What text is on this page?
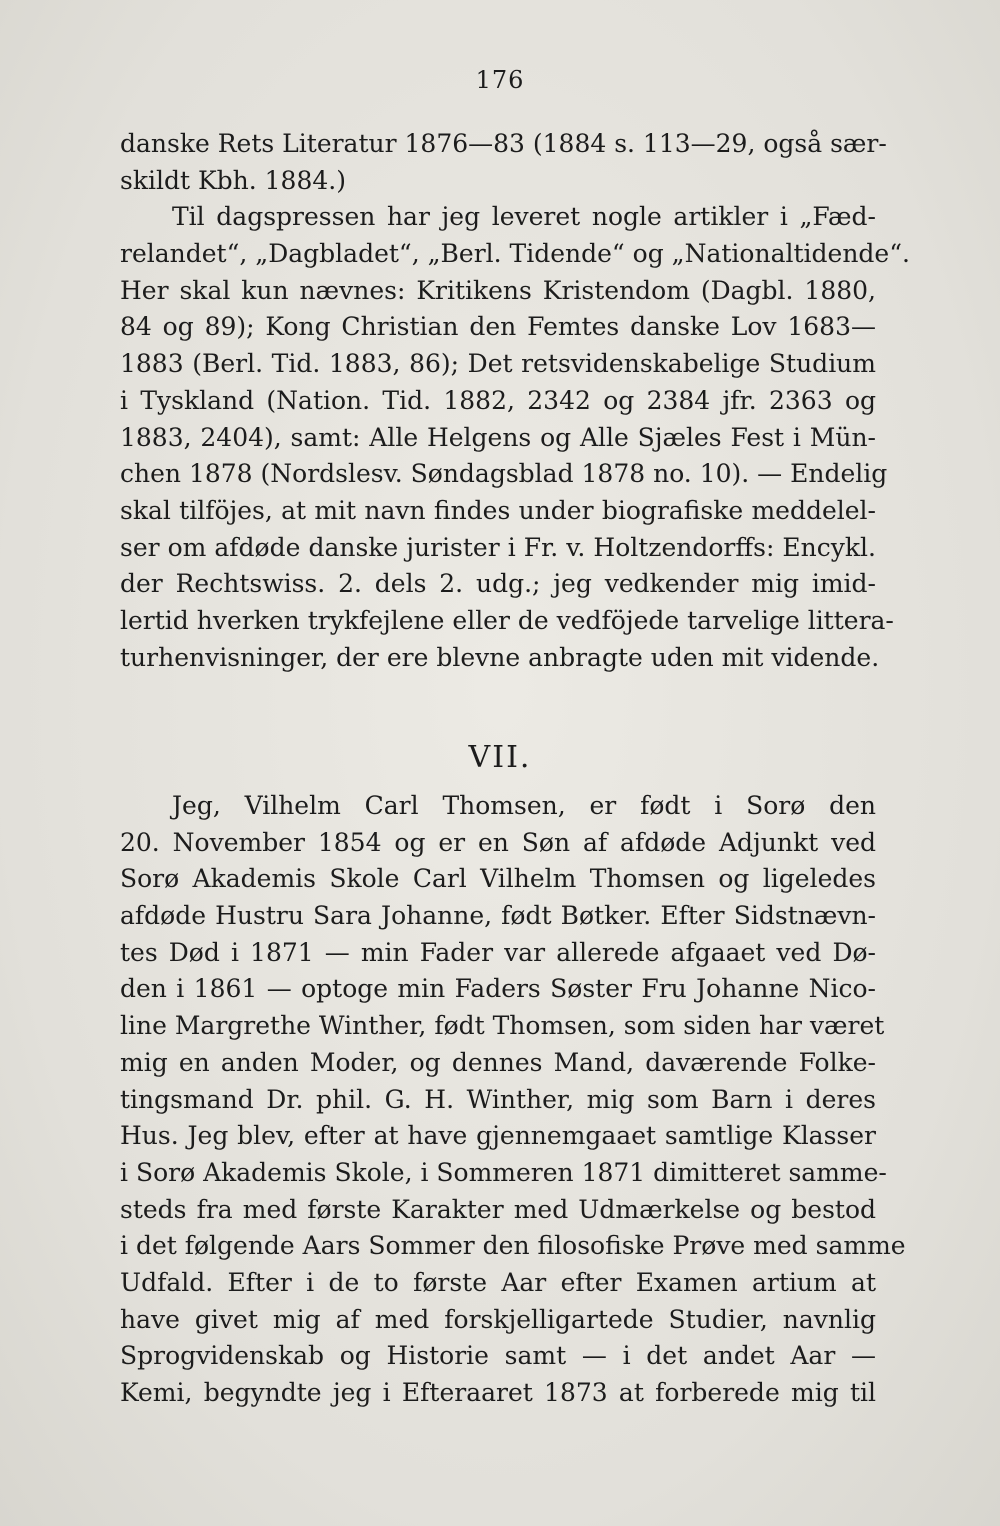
176
danske Rets Literatur 1876—83 (1884 s. 113—29, også sær-
skildt Kbh. 1884.)
Til dagspressen har jeg leveret nogle artikler i „Fæd-
relandet“, „Dagbladet“, „Berl. Tidende“ og „Nationaltidende“.
Her skal kun nævnes: Kritikens Kristendom (Dagbl. 1880,
84 og 89); Kong Christian den Femtes danske Lov 1683—
1883 (Berl. Tid. 1883, 86); Det retsvidenskabelige Studium
i Tyskland (Nation. Tid. 1882, 2342 og 2384 jfr. 2363 og
1883, 2404), samt: Alle Helgens og Alle Sjæles Fest i Mün-
chen 1878 (Nordslesv. Søndagsblad 1878 no. 10). — Endelig
skal tilföjes, at mit navn findes under biografiske meddelel-
ser om afdøde danske jurister i Fr. v. Holtzendorffs: Encykl.
der Rechtswiss. 2. dels 2. udg.; jeg vedkender mig imid-
lertid hverken trykfejlene eller de vedföjede tarvelige littera-
turhenvisninger, der ere blevne anbragte uden mit vidende.
VII.
Jeg, Vilhelm Carl Thomsen, er født i Sorø den
20. November 1854 og er en Søn af afdøde Adjunkt ved
Sorø Akademis Skole Carl Vilhelm Thomsen og ligeledes
afdøde Hustru Sara Johanne, født Bøtker. Efter Sidstnævn-
tes Død i 1871 — min Fader var allerede afgaaet ved Dø-
den i 1861 — optoge min Faders Søster Fru Johanne Nico-
line Margrethe Winther, født Thomsen, som siden har været
mig en anden Moder, og dennes Mand, daværende Folke-
tingsmand Dr. phil. G. H. Winther, mig som Barn i deres
Hus. Jeg blev, efter at have gjennemgaaet samtlige Klasser
i Sorø Akademis Skole, i Sommeren 1871 dimitteret samme-
steds fra med første Karakter med Udmærkelse og bestod
i det følgende Aars Sommer den filosofiske Prøve med samme
Udfald. Efter i de to første Aar efter Examen artium at
have givet mig af med forskjelligartede Studier, navnlig
Sprogvidenskab og Historie samt — i det andet Aar —
Kemi, begyndte jeg i Efteraaret 1873 at forberede mig til
